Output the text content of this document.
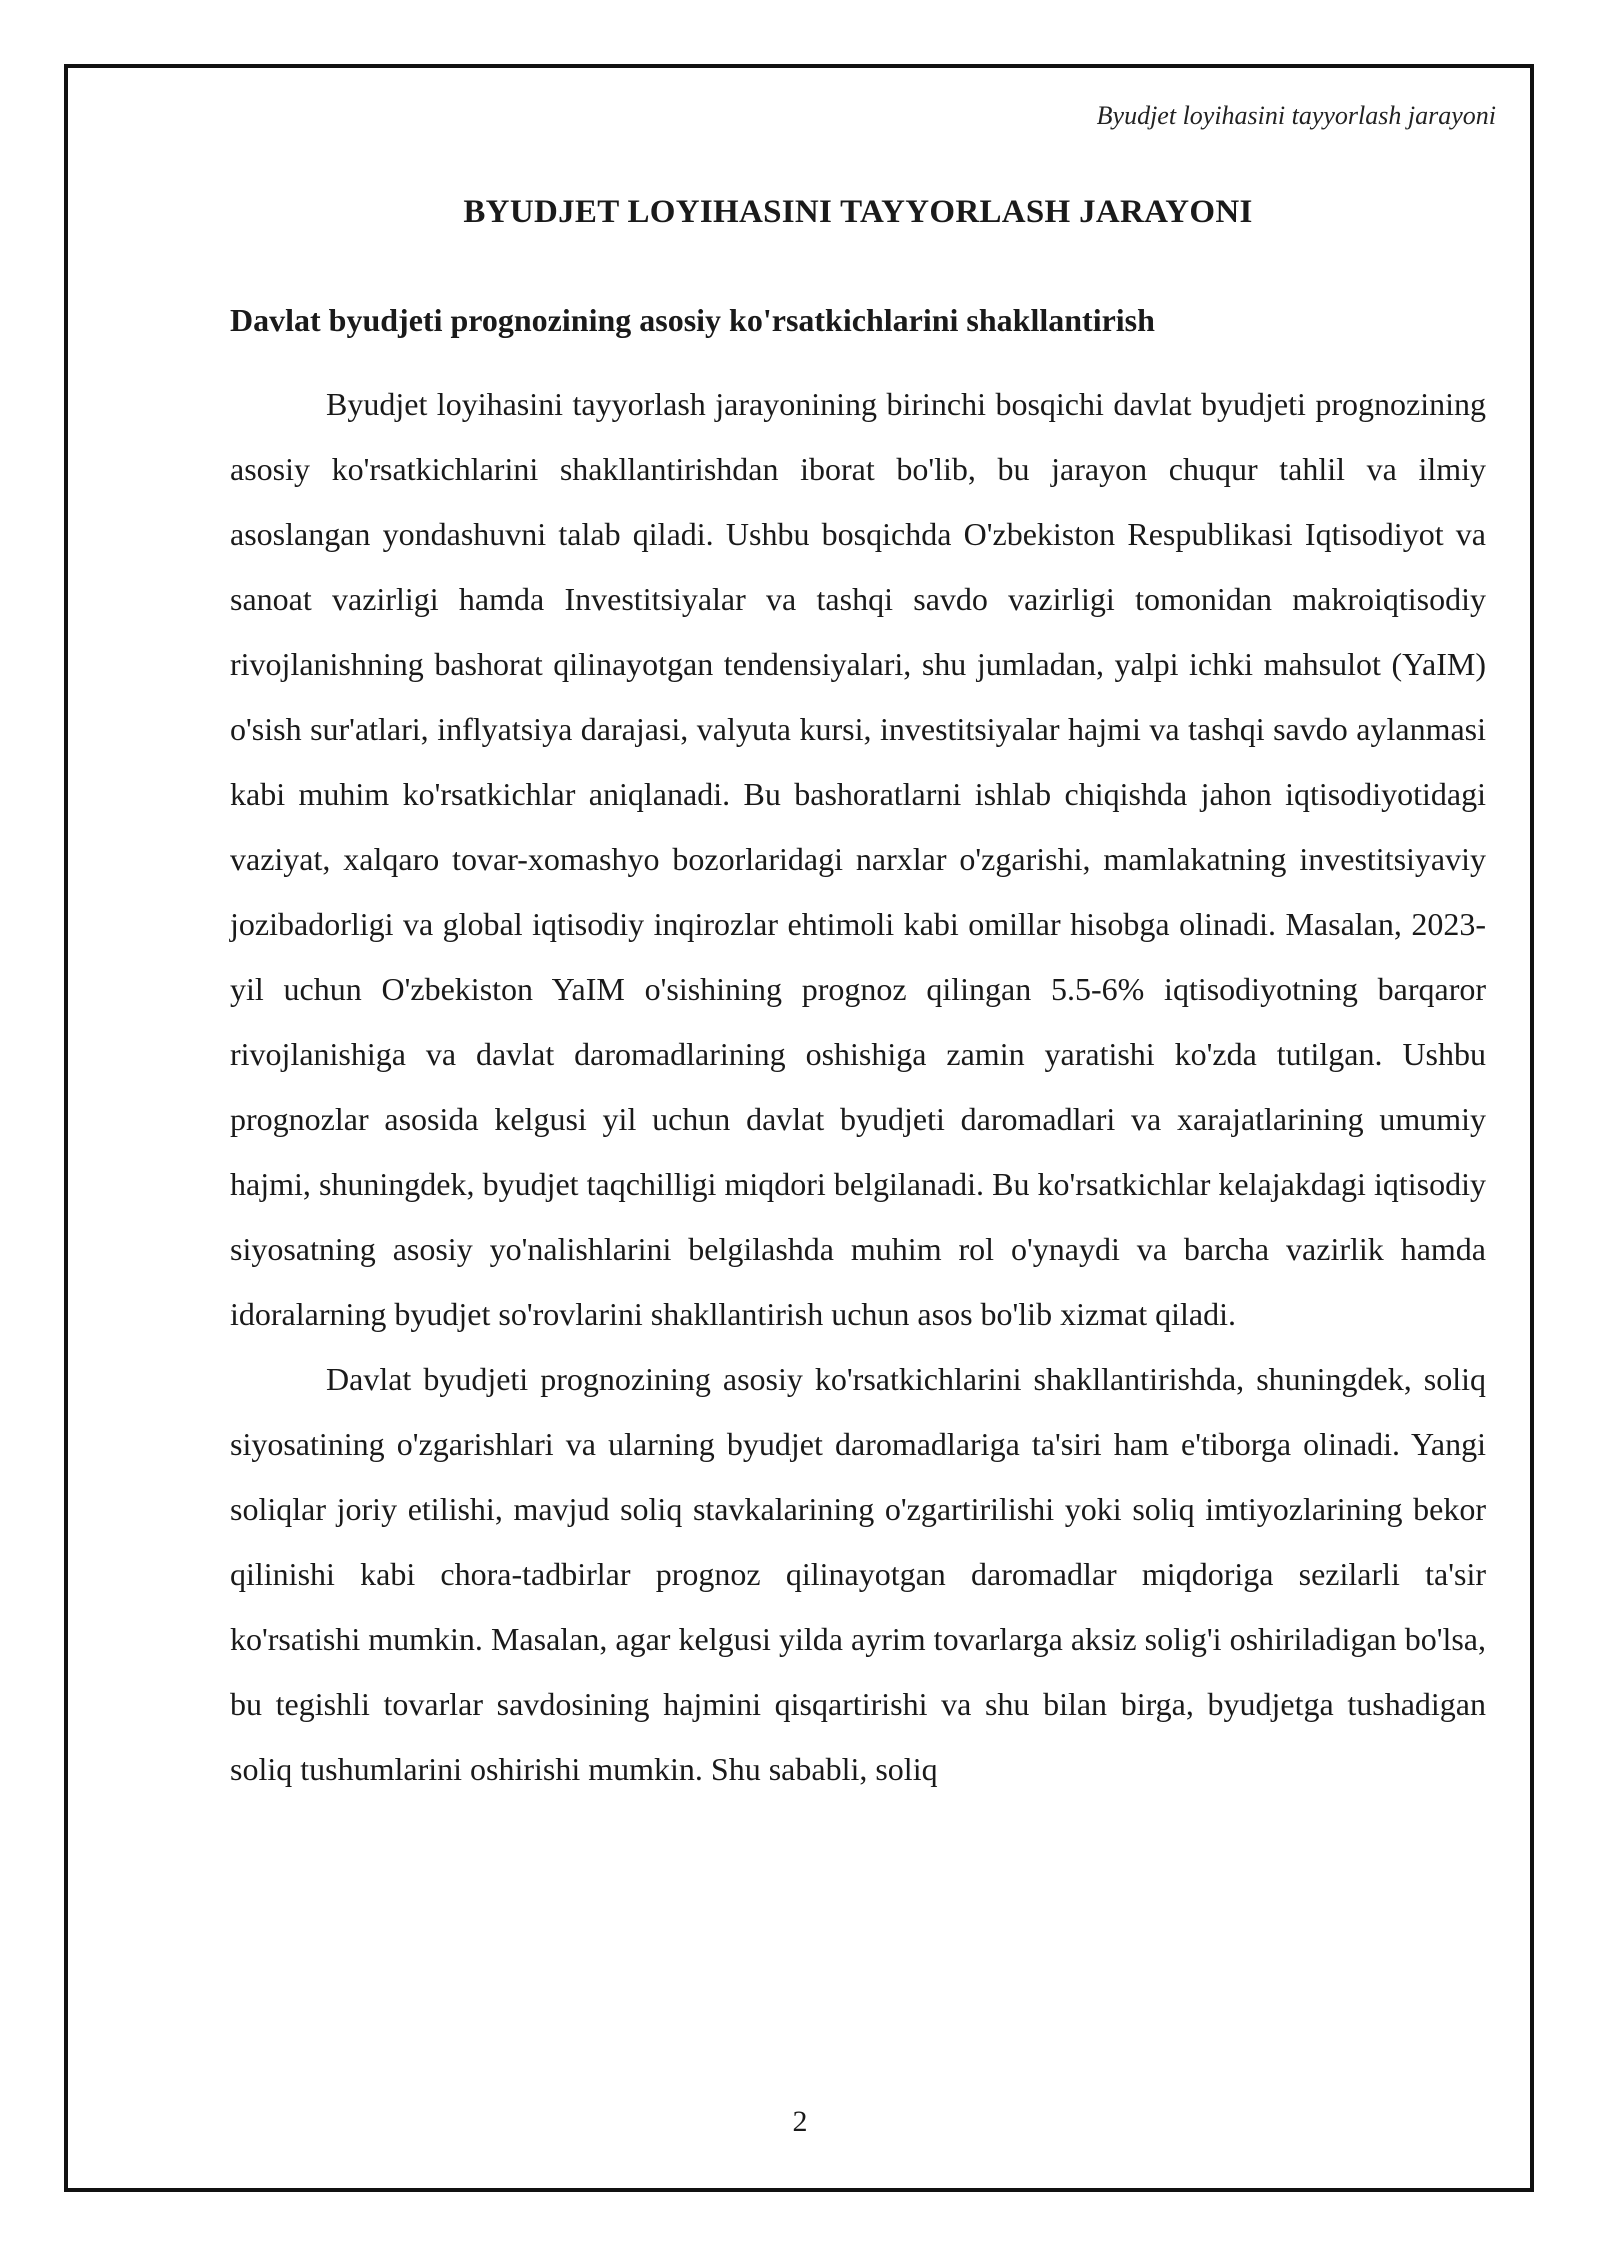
Byudjet loyihasini tayyorlash jarayoni
BYUDJET LOYIHASINI TAYYORLASH JARAYONI
Davlat byudjeti prognozining asosiy ko'rsatkichlarini shakllantirish

Byudjet loyihasini tayyorlash jarayonining birinchi bosqichi davlat byudjeti prognozining asosiy ko'rsatkichlarini shakllantirishdan iborat bo'lib, bu jarayon chuqur tahlil va ilmiy asoslangan yondashuvni talab qiladi. Ushbu bosqichda O'zbekiston Respublikasi Iqtisodiyot va sanoat vazirligi hamda Investitsiyalar va tashqi savdo vazirligi tomonidan makroiqtisodiy rivojlanishning bashorat qilinayotgan tendensiyalari, shu jumladan, yalpi ichki mahsulot (YaIM) o'sish sur'atlari, inflyatsiya darajasi, valyuta kursi, investitsiyalar hajmi va tashqi savdo aylanmasi kabi muhim ko'rsatkichlar aniqlanadi. Bu bashoratlarni ishlab chiqishda jahon iqtisodiyotidagi vaziyat, xalqaro tovar-xomashyo bozorlaridagi narxlar o'zgarishi, mamlakatning investitsiyaviy jozibadorligi va global iqtisodiy inqirozlar ehtimoli kabi omillar hisobga olinadi. Masalan, 2023-yil uchun O'zbekiston YaIM o'sishining prognoz qilingan 5.5-6% iqtisodiyotning barqaror rivojlanishiga va davlat daromadlarining oshishiga zamin yaratishi ko'zda tutilgan. Ushbu prognozlar asosida kelgusi yil uchun davlat byudjeti daromadlari va xarajatlarining umumiy hajmi, shuningdek, byudjet taqchilligi miqdori belgilanadi. Bu ko'rsatkichlar kelajakdagi iqtisodiy siyosatning asosiy yo'nalishlarini belgilashda muhim rol o'ynaydi va barcha vazirlik hamda idoralarning byudjet so'rovlarini shakllantirish uchun asos bo'lib xizmat qiladi.

Davlat byudjeti prognozining asosiy ko'rsatkichlarini shakllantirishda, shuningdek, soliq siyosatining o'zgarishlari va ularning byudjet daromadlariga ta'siri ham e'tiborga olinadi. Yangi soliqlar joriy etilishi, mavjud soliq stavkalarining o'zgartirilishi yoki soliq imtiyozlarining bekor qilinishi kabi chora-tadbirlar prognoz qilinayotgan daromadlar miqdoriga sezilarli ta'sir ko'rsatishi mumkin. Masalan, agar kelgusi yilda ayrim tovarlarga aksiz solig'i oshiriladigan bo'lsa, bu tegishli tovarlar savdosining hajmini qisqartirishi va shu bilan birga, byudjetga tushadigan soliq tushumlarini oshirishi mumkin. Shu sababli, soliq

2
